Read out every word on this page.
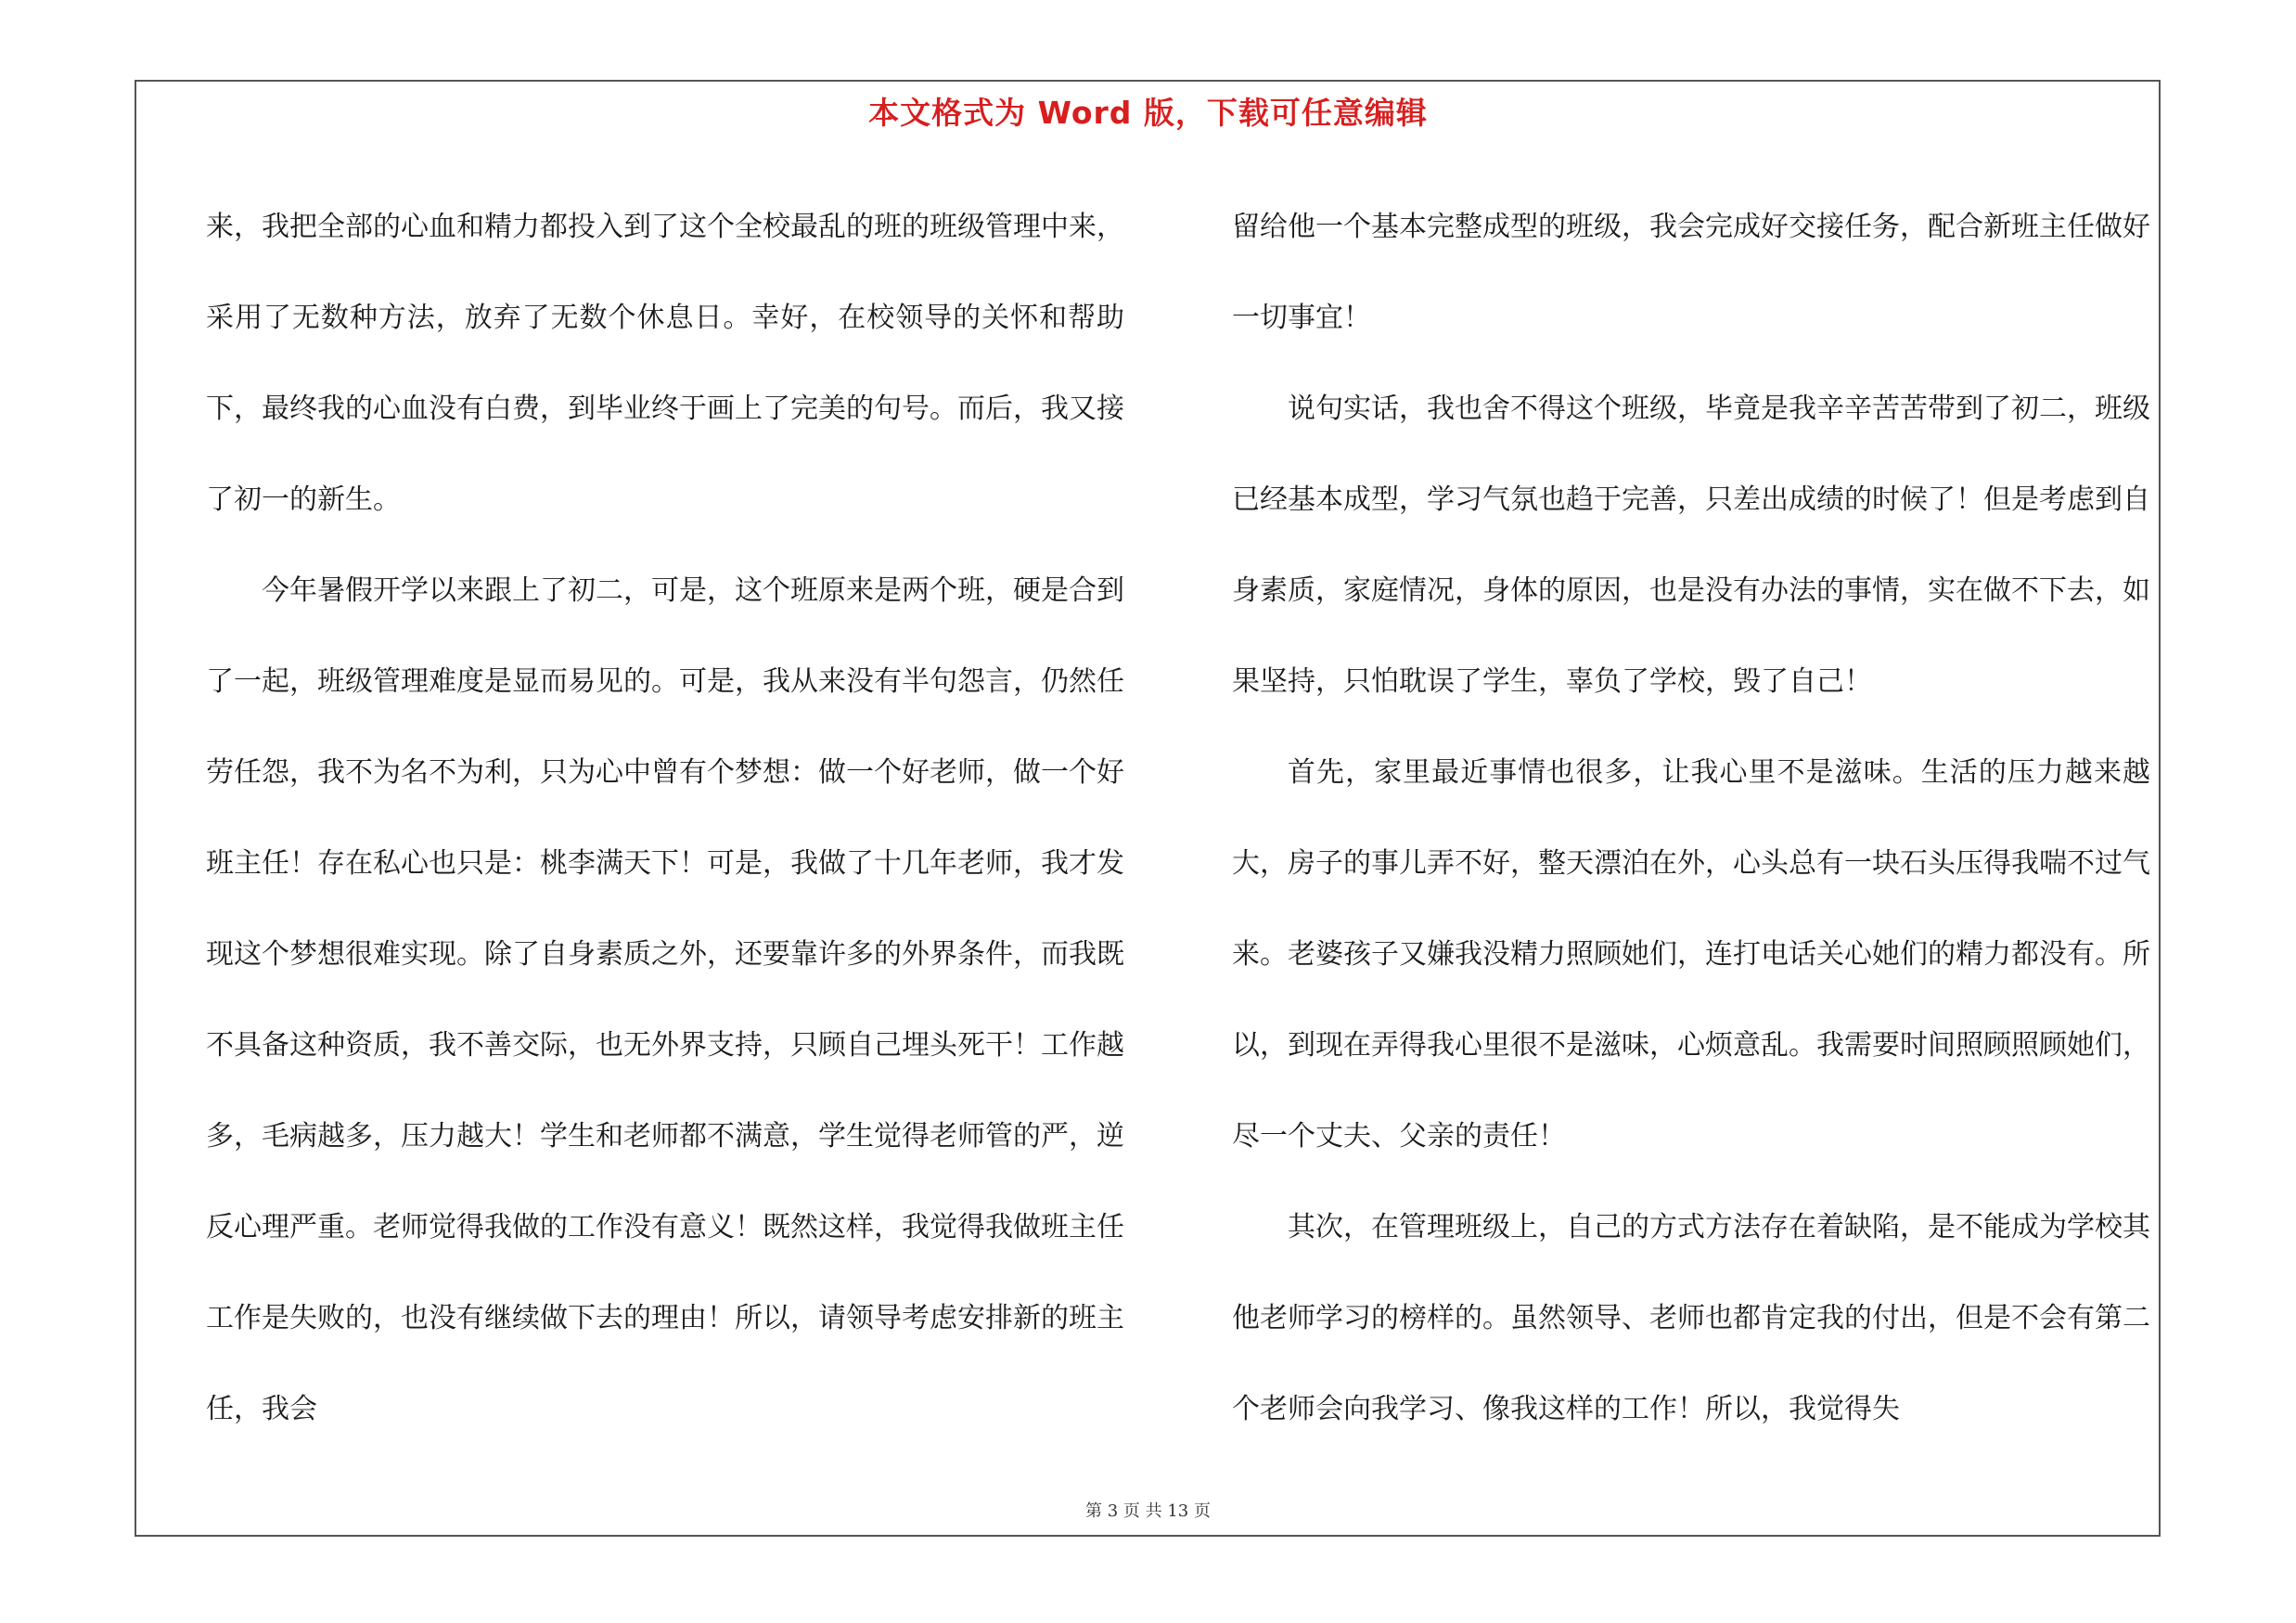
本文格式为 Word 版，下载可任意编辑

来，我把全部的心血和精力都投入到了这个全校最乱的班的班级管理中来，采用了无数种方法，放弃了无数个休息日。幸好，在校领导的关怀和帮助下，最终我的心血没有白费，到毕业终于画上了完美的句号。而后，我又接了初一的新生。

今年暑假开学以来跟上了初二，可是，这个班原来是两个班，硬是合到了一起，班级管理难度是显而易见的。可是，我从来没有半句怨言，仍然任劳任怨，我不为名不为利，只为心中曾有个梦想：做一个好老师，做一个好班主任！存在私心也只是：桃李满天下！可是，我做了十几年老师，我才发现这个梦想很难实现。除了自身素质之外，还要靠许多的外界条件，而我既不具备这种资质，我不善交际，也无外界支持，只顾自己埋头死干！工作越多，毛病越多，压力越大！学生和老师都不满意，学生觉得老师管的严，逆反心理严重。老师觉得我做的工作没有意义！既然这样，我觉得我做班主任工作是失败的，也没有继续做下去的理由！所以，请领导考虑安排新的班主任，我会

留给他一个基本完整成型的班级，我会完成好交接任务，配合新班主任做好一切事宜！

说句实话，我也舍不得这个班级，毕竟是我辛辛苦苦带到了初二，班级已经基本成型，学习气氛也趋于完善，只差出成绩的时候了！但是考虑到自身素质，家庭情况，身体的原因，也是没有办法的事情，实在做不下去，如果坚持，只怕耽误了学生，辜负了学校，毁了自己！

首先，家里最近事情也很多，让我心里不是滋味。生活的压力越来越大，房子的事儿弄不好，整天漂泊在外，心头总有一块石头压得我喘不过气来。老婆孩子又嫌我没精力照顾她们，连打电话关心她们的精力都没有。所以，到现在弄得我心里很不是滋味，心烦意乱。我需要时间照顾照顾她们，尽一个丈夫、父亲的责任！

其次，在管理班级上，自己的方式方法存在着缺陷，是不能成为学校其他老师学习的榜样的。虽然领导、老师也都肯定我的付出，但是不会有第二个老师会向我学习、像我这样的工作！所以，我觉得失

第 3 页 共 13 页
